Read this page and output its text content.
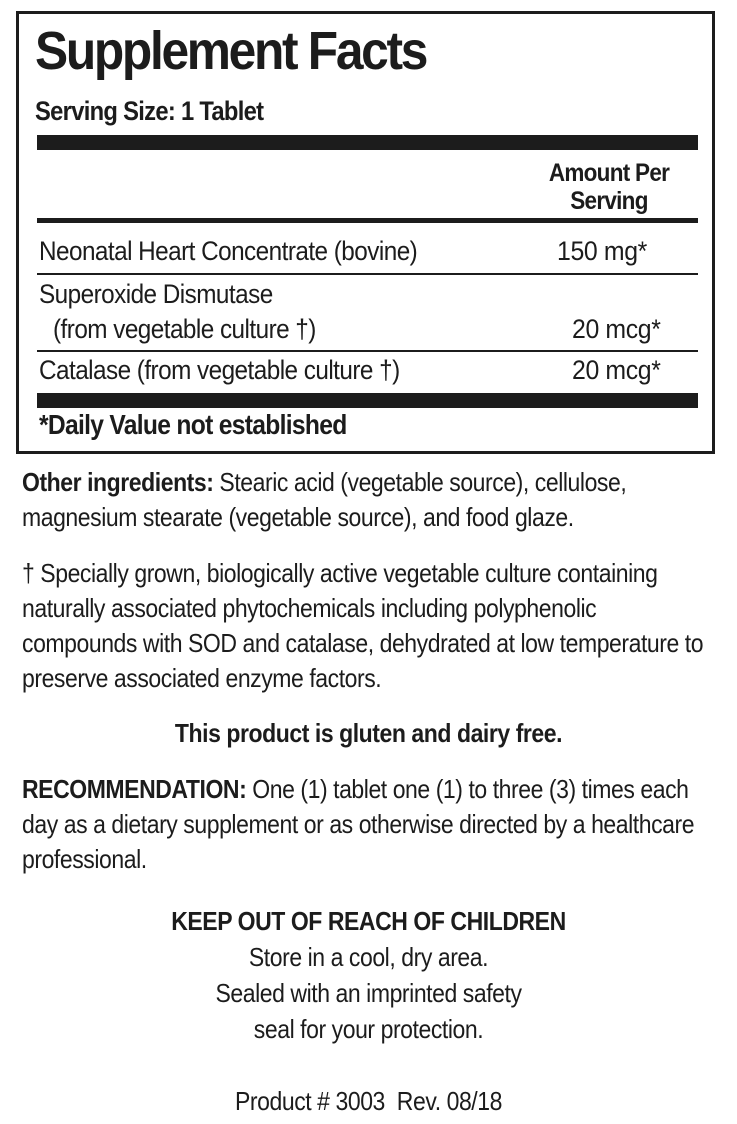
Supplement Facts
Serving Size: 1 Tablet
Amount Per
Serving
Neonatal Heart Concentrate (bovine)	150 mg*
Superoxide Dismutase
(from vegetable culture †)	20 mcg*
Catalase (from vegetable culture †)	20 mcg*
*Daily Value not established

Other ingredients: Stearic acid (vegetable source), cellulose, magnesium stearate (vegetable source), and food glaze.

† Specially grown, biologically active vegetable culture containing naturally associated phytochemicals including polyphenolic compounds with SOD and catalase, dehydrated at low temperature to preserve associated enzyme factors.

This product is gluten and dairy free.

RECOMMENDATION: One (1) tablet one (1) to three (3) times each day as a dietary supplement or as otherwise directed by a healthcare professional.

KEEP OUT OF REACH OF CHILDREN
Store in a cool, dry area.
Sealed with an imprinted safety
seal for your protection.
Product # 3003  Rev. 08/18
